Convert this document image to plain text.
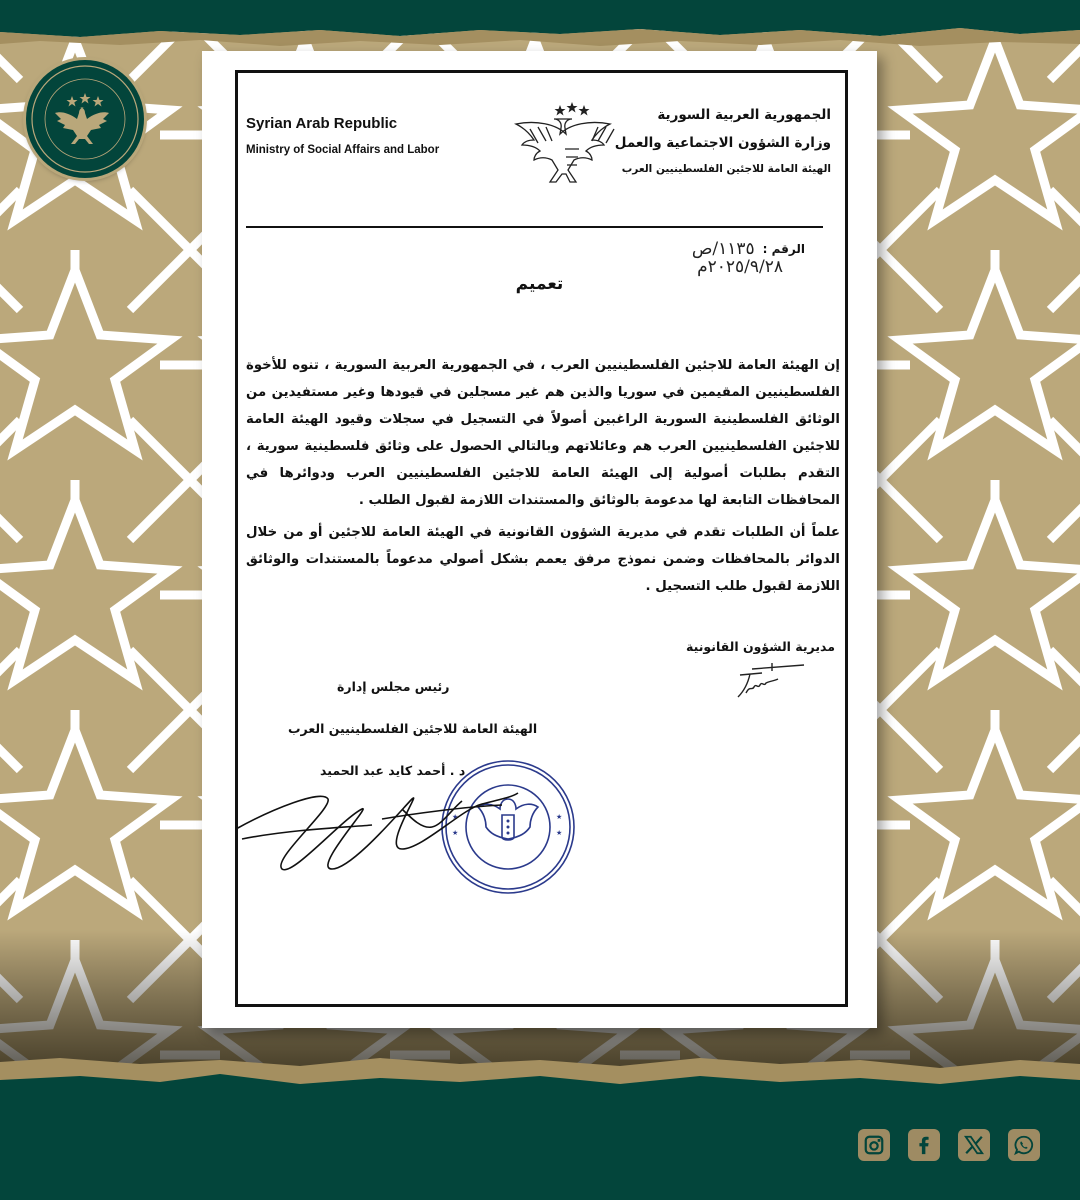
Syrian Arab Republic
Ministry of Social Affairs and Labor
الجمهورية العربية السورية
وزارة الشؤون الاجتماعية والعمل
الهيئة العامة للاجئين الفلسطينيين العرب
الرقم :
١١٣٥/ص
٢٠٢٥/٩/٢٨م
تعميم
إن الهيئة العامة للاجئين الفلسطينيين العرب ، في الجمهورية العربية السورية ، تنوه للأخوة الفلسطينيين المقيمين في سوريا والذين هم غير مسجلين في قيودها وغير مستفيدين من الوثائق الفلسطينية السورية الراغبين أصولاً في التسجيل في سجلات وقيود الهيئة العامة للاجئين الفلسطينيين العرب هم وعائلاتهم وبالتالي الحصول على وثائق فلسطينية سورية ، التقدم بطلبات أصولية إلى الهيئة العامة للاجئين الفلسطينيين العرب ودوائرها في المحافظات التابعة لها مدعومة بالوثائق والمستندات اللازمة لقبول الطلب .
علماً أن الطلبات تقدم في مديرية الشؤون القانونية في الهيئة العامة للاجئين أو من خلال الدوائر بالمحافظات وضمن نموذج مرفق يعمم بشكل أصولي مدعوماً بالمستندات والوثائق اللازمة لقبول طلب التسجيل .
مديرية الشؤون القانونية
رئيس مجلس إدارة
الهيئة العامة للاجئين الفلسطينيين العرب
د . أحمد كايد عبد الحميد
★
★
★
★
